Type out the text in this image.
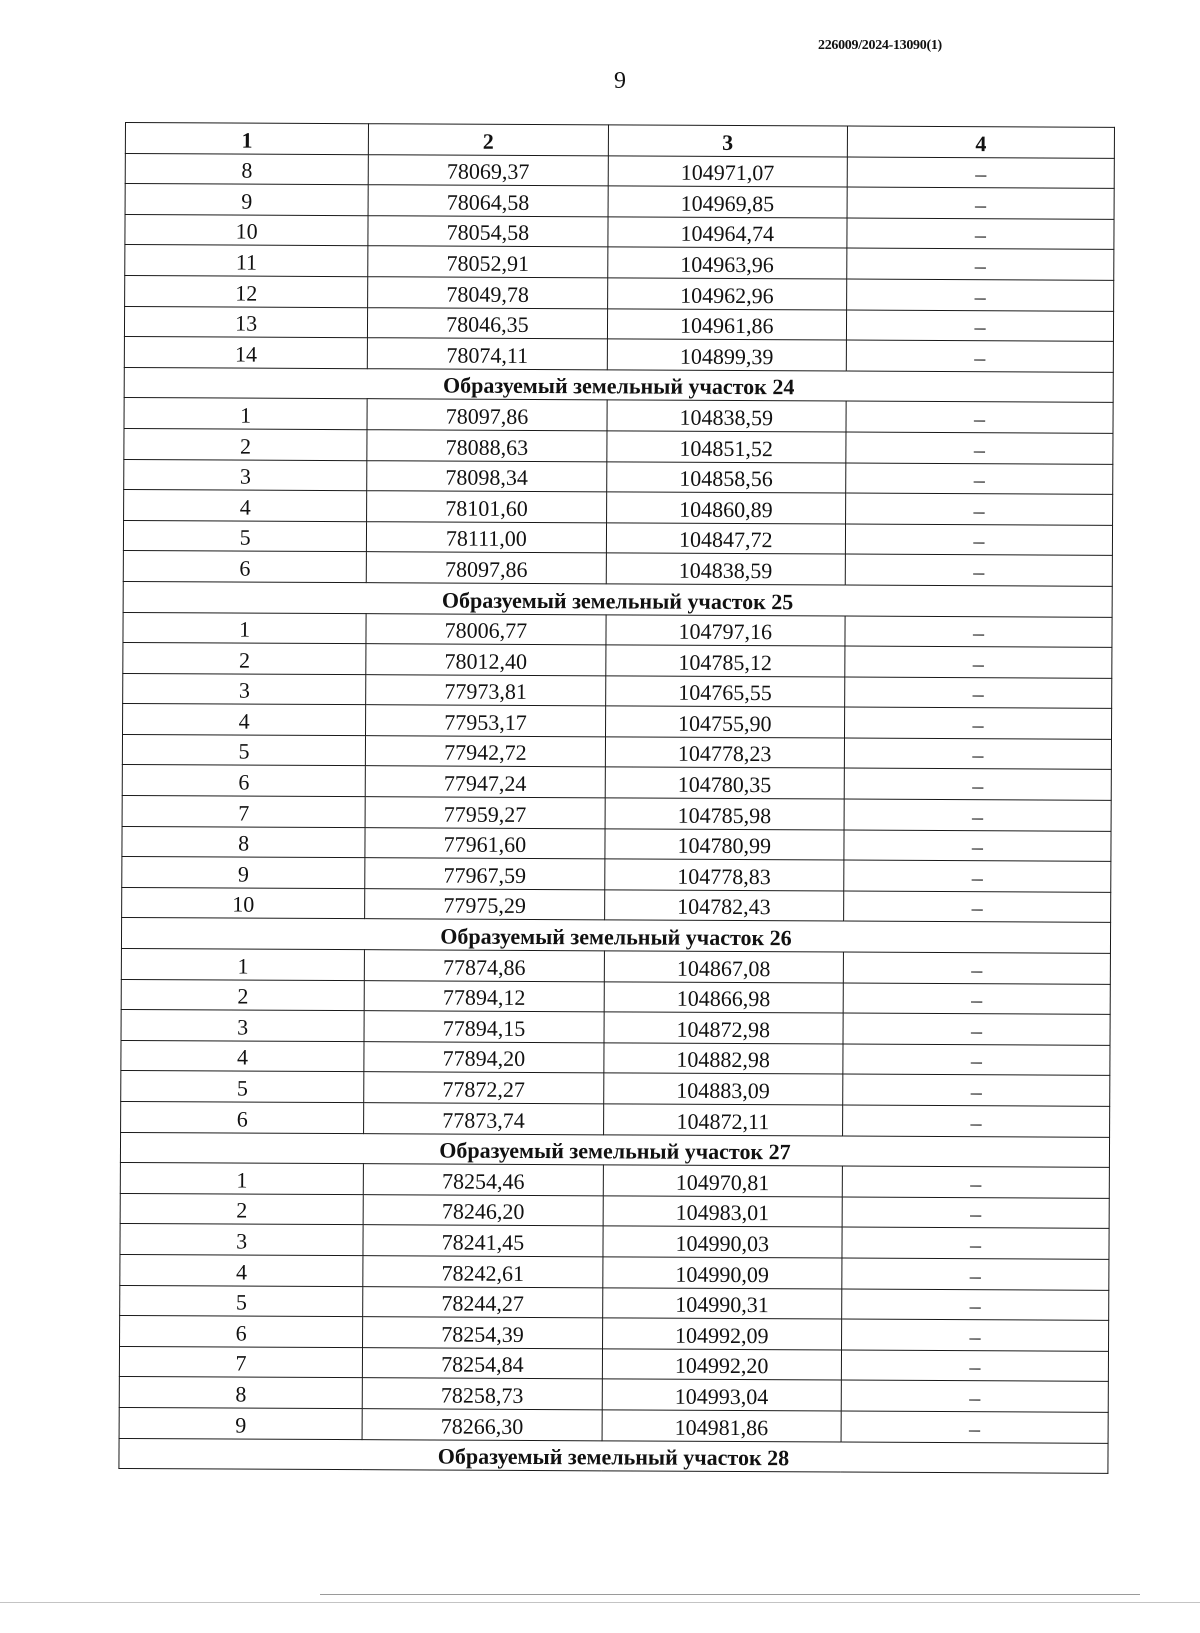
226009/2024-13090(1)
9
1	2	3	4
8	78069,37	104971,07	–
9	78064,58	104969,85	–
10	78054,58	104964,74	–
11	78052,91	104963,96	–
12	78049,78	104962,96	–
13	78046,35	104961,86	–
14	78074,11	104899,39	–
Образуемый земельный участок 24			
1	78097,86	104838,59	–
2	78088,63	104851,52	–
3	78098,34	104858,56	–
4	78101,60	104860,89	–
5	78111,00	104847,72	–
6	78097,86	104838,59	–
Образуемый земельный участок 25			
1	78006,77	104797,16	–
2	78012,40	104785,12	–
3	77973,81	104765,55	–
4	77953,17	104755,90	–
5	77942,72	104778,23	–
6	77947,24	104780,35	–
7	77959,27	104785,98	–
8	77961,60	104780,99	–
9	77967,59	104778,83	–
10	77975,29	104782,43	–
Образуемый земельный участок 26			
1	77874,86	104867,08	–
2	77894,12	104866,98	–
3	77894,15	104872,98	–
4	77894,20	104882,98	–
5	77872,27	104883,09	–
6	77873,74	104872,11	–
Образуемый земельный участок 27			
1	78254,46	104970,81	–
2	78246,20	104983,01	–
3	78241,45	104990,03	–
4	78242,61	104990,09	–
5	78244,27	104990,31	–
6	78254,39	104992,09	–
7	78254,84	104992,20	–
8	78258,73	104993,04	–
9	78266,30	104981,86	–
Образуемый земельный участок 28			
